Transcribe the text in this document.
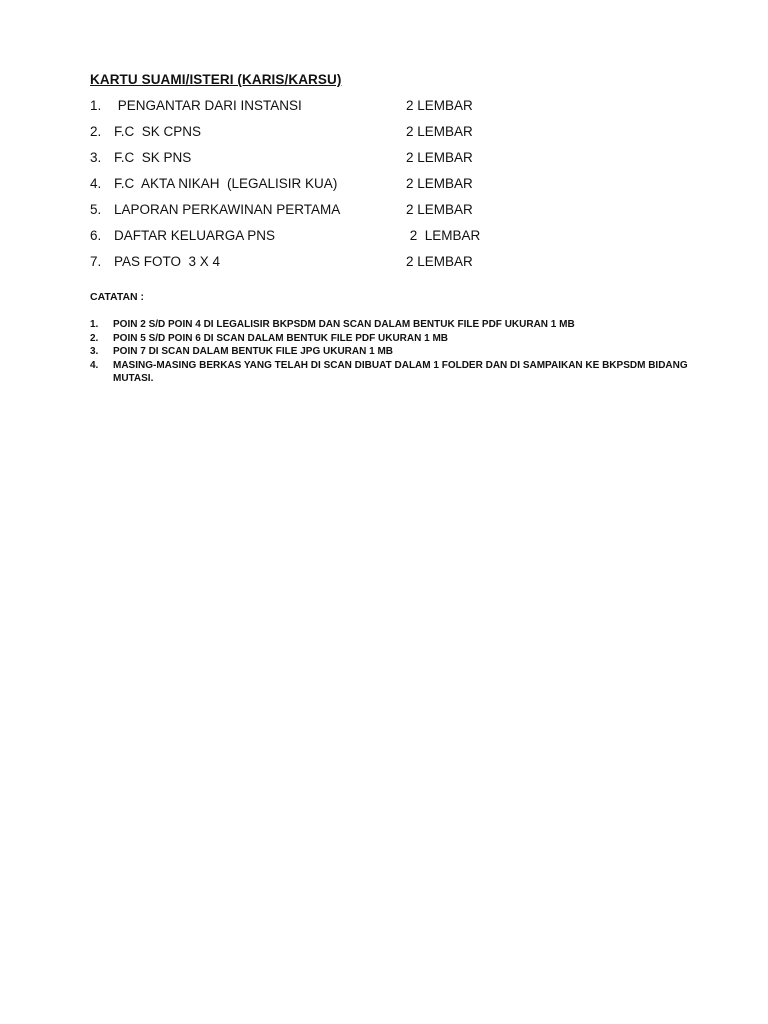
KARTU SUAMI/ISTERI (KARIS/KARSU)
1. PENGANTAR DARI INSTANSI	2 LEMBAR
2. F.C  SK CPNS	2 LEMBAR
3. F.C  SK PNS	2 LEMBAR
4. F.C  AKTA NIKAH  (LEGALISIR KUA)	2 LEMBAR
5. LAPORAN PERKAWINAN PERTAMA	2 LEMBAR
6. DAFTAR KELUARGA PNS	2  LEMBAR
7. PAS FOTO  3 X 4	2 LEMBAR
CATATAN :
1. POIN 2 S/D POIN 4 DI LEGALISIR BKPSDM DAN SCAN DALAM BENTUK FILE PDF UKURAN 1 MB
2. POIN 5 S/D POIN 6 DI SCAN DALAM BENTUK FILE PDF UKURAN 1 MB
3. POIN 7 DI SCAN DALAM BENTUK FILE JPG UKURAN 1 MB
4. MASING-MASING BERKAS YANG TELAH DI SCAN DIBUAT DALAM 1 FOLDER DAN DI SAMPAIKAN KE BKPSDM BIDANG MUTASI.
